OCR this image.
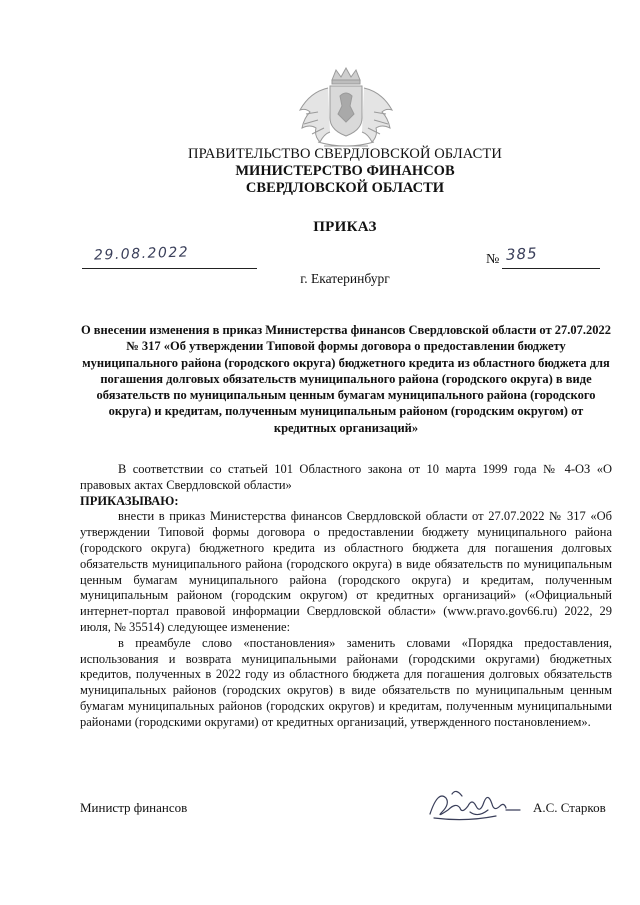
ПРАВИТЕЛЬСТВО СВЕРДЛОВСКОЙ ОБЛАСТИ
МИНИСТЕРСТВО ФИНАНСОВ
СВЕРДЛОВСКОЙ ОБЛАСТИ
ПРИКАЗ
29.08.2022	№ 385
г. Екатеринбург
О внесении изменения в приказ Министерства финансов Свердловской области от 27.07.2022 № 317 «Об утверждении Типовой формы договора о предоставлении бюджету муниципального района (городского округа) бюджетного кредита из областного бюджета для погашения долговых обязательств муниципального района (городского округа) в виде обязательств по муниципальным ценным бумагам муниципального района (городского округа) и кредитам, полученным муниципальным районом (городским округом) от кредитных организаций»

В соответствии со статьей 101 Областного закона от 10 марта 1999 года № 4-ОЗ «О правовых актах Свердловской области»

ПРИКАЗЫВАЮ:

внести в приказ Министерства финансов Свердловской области от 27.07.2022 № 317 «Об утверждении Типовой формы договора о предоставлении бюджету муниципального района (городского округа) бюджетного кредита из областного бюджета для погашения долговых обязательств муниципального района (городского округа) в виде обязательств по муниципальным ценным бумагам муниципального района (городского округа) и кредитам, полученным муниципальным районом (городским округом) от кредитных организаций» («Официальный интернет-портал правовой информации Свердловской области» (www.pravo.gov66.ru) 2022, 29 июля, № 35514) следующее изменение:

в преамбуле слово «постановления» заменить словами «Порядка предоставления, использования и возврата муниципальными районами (городскими округами) бюджетных кредитов, полученных в 2022 году из областного бюджета для погашения долговых обязательств муниципальных районов (городских округов) в виде обязательств по муниципальным ценным бумагам муниципальных районов (городских округов) и кредитам, полученным муниципальными районами (городскими округами) от кредитных организаций, утвержденного постановлением».

Министр финансов	А.С. Старков
